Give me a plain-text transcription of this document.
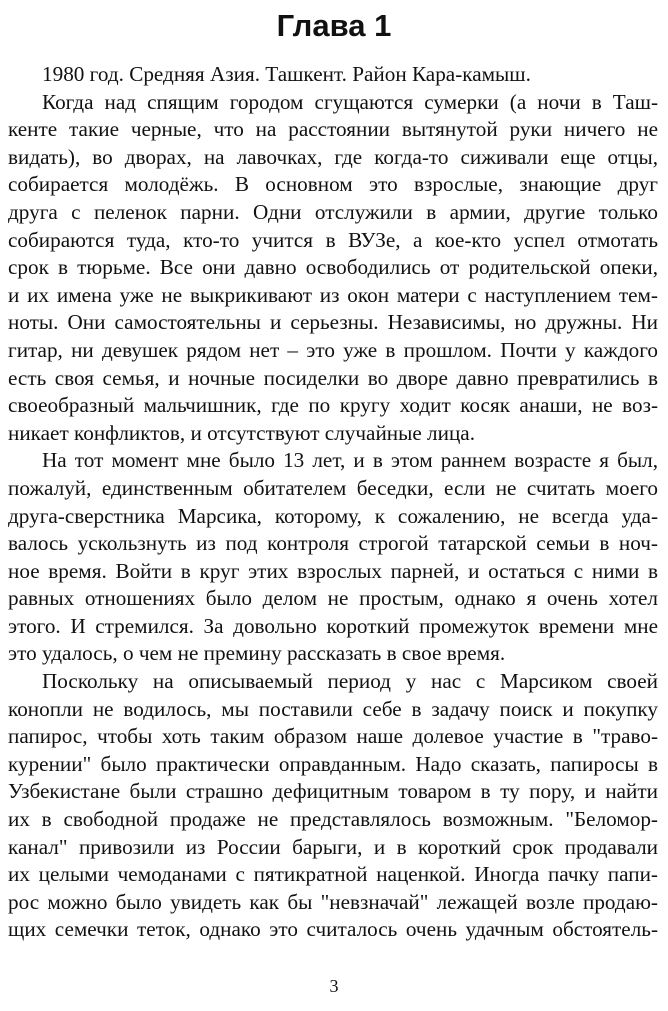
Глава 1
1980 год. Средняя Азия. Ташкент. Район Кара-камыш.
Когда над спящим городом сгущаются сумерки (а ночи в Таш-
кенте такие черные, что на расстоянии вытянутой руки ничего не
видать), во дворах, на лавочках, где когда-то сиживали еще отцы,
собирается молодёжь. В основном это взрослые, знающие друг
друга с пеленок парни. Одни отслужили в армии, другие только
собираются туда, кто-то учится в ВУЗе, а кое-кто успел отмотать
срок в тюрьме. Все они давно освободились от родительской опеки,
и их имена уже не выкрикивают из окон матери с наступлением тем-
ноты. Они самостоятельны и серьезны. Независимы, но дружны. Ни
гитар, ни девушек рядом нет – это уже в прошлом. Почти у каждого
есть своя семья, и ночные посиделки во дворе давно превратились в
своеобразный мальчишник, где по кругу ходит косяк анаши, не воз-
никает конфликтов, и отсутствуют случайные лица.
На тот момент мне было 13 лет, и в этом раннем возрасте я был,
пожалуй, единственным обитателем беседки, если не считать моего
друга-сверстника Марсика, которому, к сожалению, не всегда уда-
валось ускользнуть из под контроля строгой татарской семьи в ноч-
ное время. Войти в круг этих взрослых парней, и остаться с ними в
равных отношениях было делом не простым, однако я очень хотел
этого. И стремился. За довольно короткий промежуток времени мне
это удалось, о чем не премину рассказать в свое время.
Поскольку на описываемый период у нас с Марсиком своей
конопли не водилось, мы поставили себе в задачу поиск и покупку
папирос, чтобы хоть таким образом наше долевое участие в "траво-
курении" было практически оправданным. Надо сказать, папиросы в
Узбекистане были страшно дефицитным товаром в ту пору, и найти
их в свободной продаже не представлялось возможным. "Беломор-
канал" привозили из России барыги, и в короткий срок продавали
их целыми чемоданами с пятикратной наценкой. Иногда пачку папи-
рос можно было увидеть как бы "невзначай" лежащей возле продаю-
щих семечки теток, однако это считалось очень удачным обстоятель-
3
